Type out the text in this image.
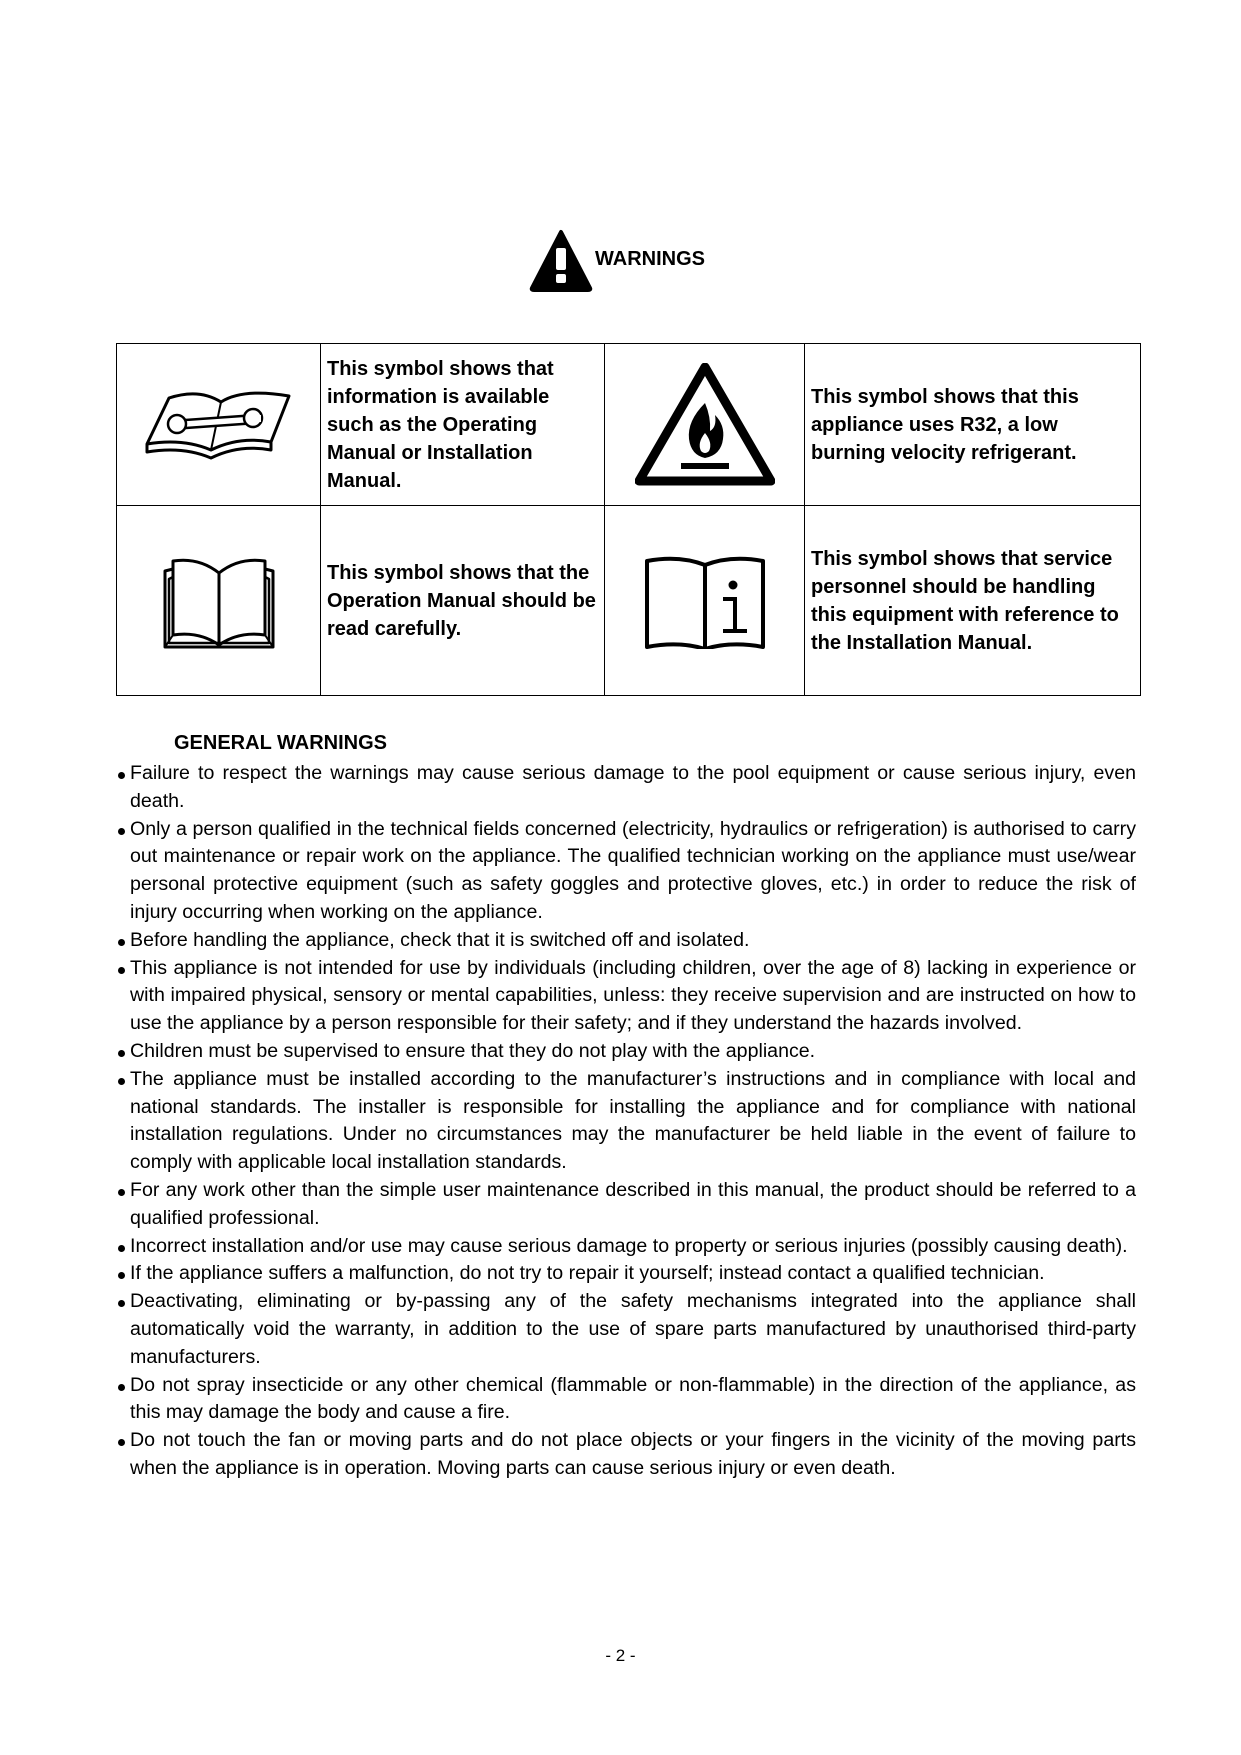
WARNINGS
	This symbol shows that information is available such as the Operating Manual or Installation Manual.		This symbol shows that this appliance uses R32, a low burning velocity refrigerant.
	This symbol shows that the Operation Manual should be read carefully.		This symbol shows that service personnel should be handling this equipment with reference to the Installation Manual.
GENERAL WARNINGS
Failure to respect the warnings may cause serious damage to the pool equipment or cause serious injury, even death.
Only a person qualified in the technical fields concerned (electricity, hydraulics or refrigeration) is authorised to carry out maintenance or repair work on the appliance. The qualified technician working on the appliance must use/wear personal protective equipment (such as safety goggles and protective gloves, etc.) in order to reduce the risk of injury occurring when working on the appliance.
Before handling the appliance, check that it is switched off and isolated.
This appliance is not intended for use by individuals (including children, over the age of 8) lacking in experience or with impaired physical, sensory or mental capabilities, unless: they receive supervision and are instructed on how to use the appliance by a person responsible for their safety; and if they understand the hazards involved.
Children must be supervised to ensure that they do not play with the appliance.
The appliance must be installed according to the manufacturer’s instructions and in compliance with local and national standards. The installer is responsible for installing the appliance and for compliance with national installation regulations. Under no circumstances may the manufacturer be held liable in the event of failure to comply with applicable local installation standards.
For any work other than the simple user maintenance described in this manual, the product should be referred to a qualified professional.
Incorrect installation and/or use may cause serious damage to property or serious injuries (possibly causing death).
If the appliance suffers a malfunction, do not try to repair it yourself; instead contact a qualified technician.
Deactivating, eliminating or by-passing any of the safety mechanisms integrated into the appliance shall automatically void the warranty, in addition to the use of spare parts manufactured by unauthorised third-party manufacturers.
Do not spray insecticide or any other chemical (flammable or non-flammable) in the direction of the appliance, as this may damage the body and cause a fire.
Do not touch the fan or moving parts and do not place objects or your fingers in the vicinity of the moving parts when the appliance is in operation. Moving parts can cause serious injury or even death.
- 2 -
